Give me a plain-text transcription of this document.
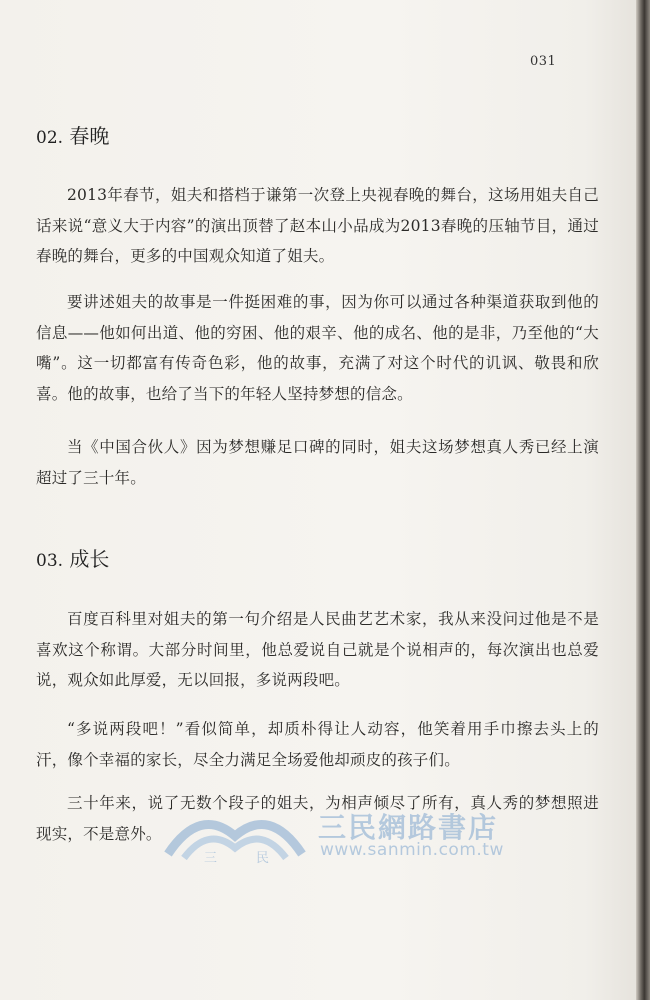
031
02. 春晚

2013年春节，姐夫和搭档于谦第一次登上央视春晚的舞台，这场用姐夫自己话来说“意义大于内容”的演出顶替了赵本山小品成为2013春晚的压轴节目，通过春晚的舞台，更多的中国观众知道了姐夫。

要讲述姐夫的故事是一件挺困难的事，因为你可以通过各种渠道获取到他的信息——他如何出道、他的穷困、他的艰辛、他的成名、他的是非，乃至他的“大嘴”。这一切都富有传奇色彩，他的故事，充满了对这个时代的讥讽、敬畏和欣喜。他的故事，也给了当下的年轻人坚持梦想的信念。

当《中国合伙人》因为梦想赚足口碑的同时，姐夫这场梦想真人秀已经上演超过了三十年。

03. 成长

百度百科里对姐夫的第一句介绍是人民曲艺艺术家，我从来没问过他是不是喜欢这个称谓。大部分时间里，他总爱说自己就是个说相声的，每次演出也总爱说，观众如此厚爱，无以回报，多说两段吧。

“多说两段吧！”看似简单，却质朴得让人动容，他笑着用手巾擦去头上的汗，像个幸福的家长，尽全力满足全场爱他却顽皮的孩子们。

三十年来，说了无数个段子的姐夫，为相声倾尽了所有，真人秀的梦想照进现实，不是意外。

三	民
三民網路書店
www.sanmin.com.tw
